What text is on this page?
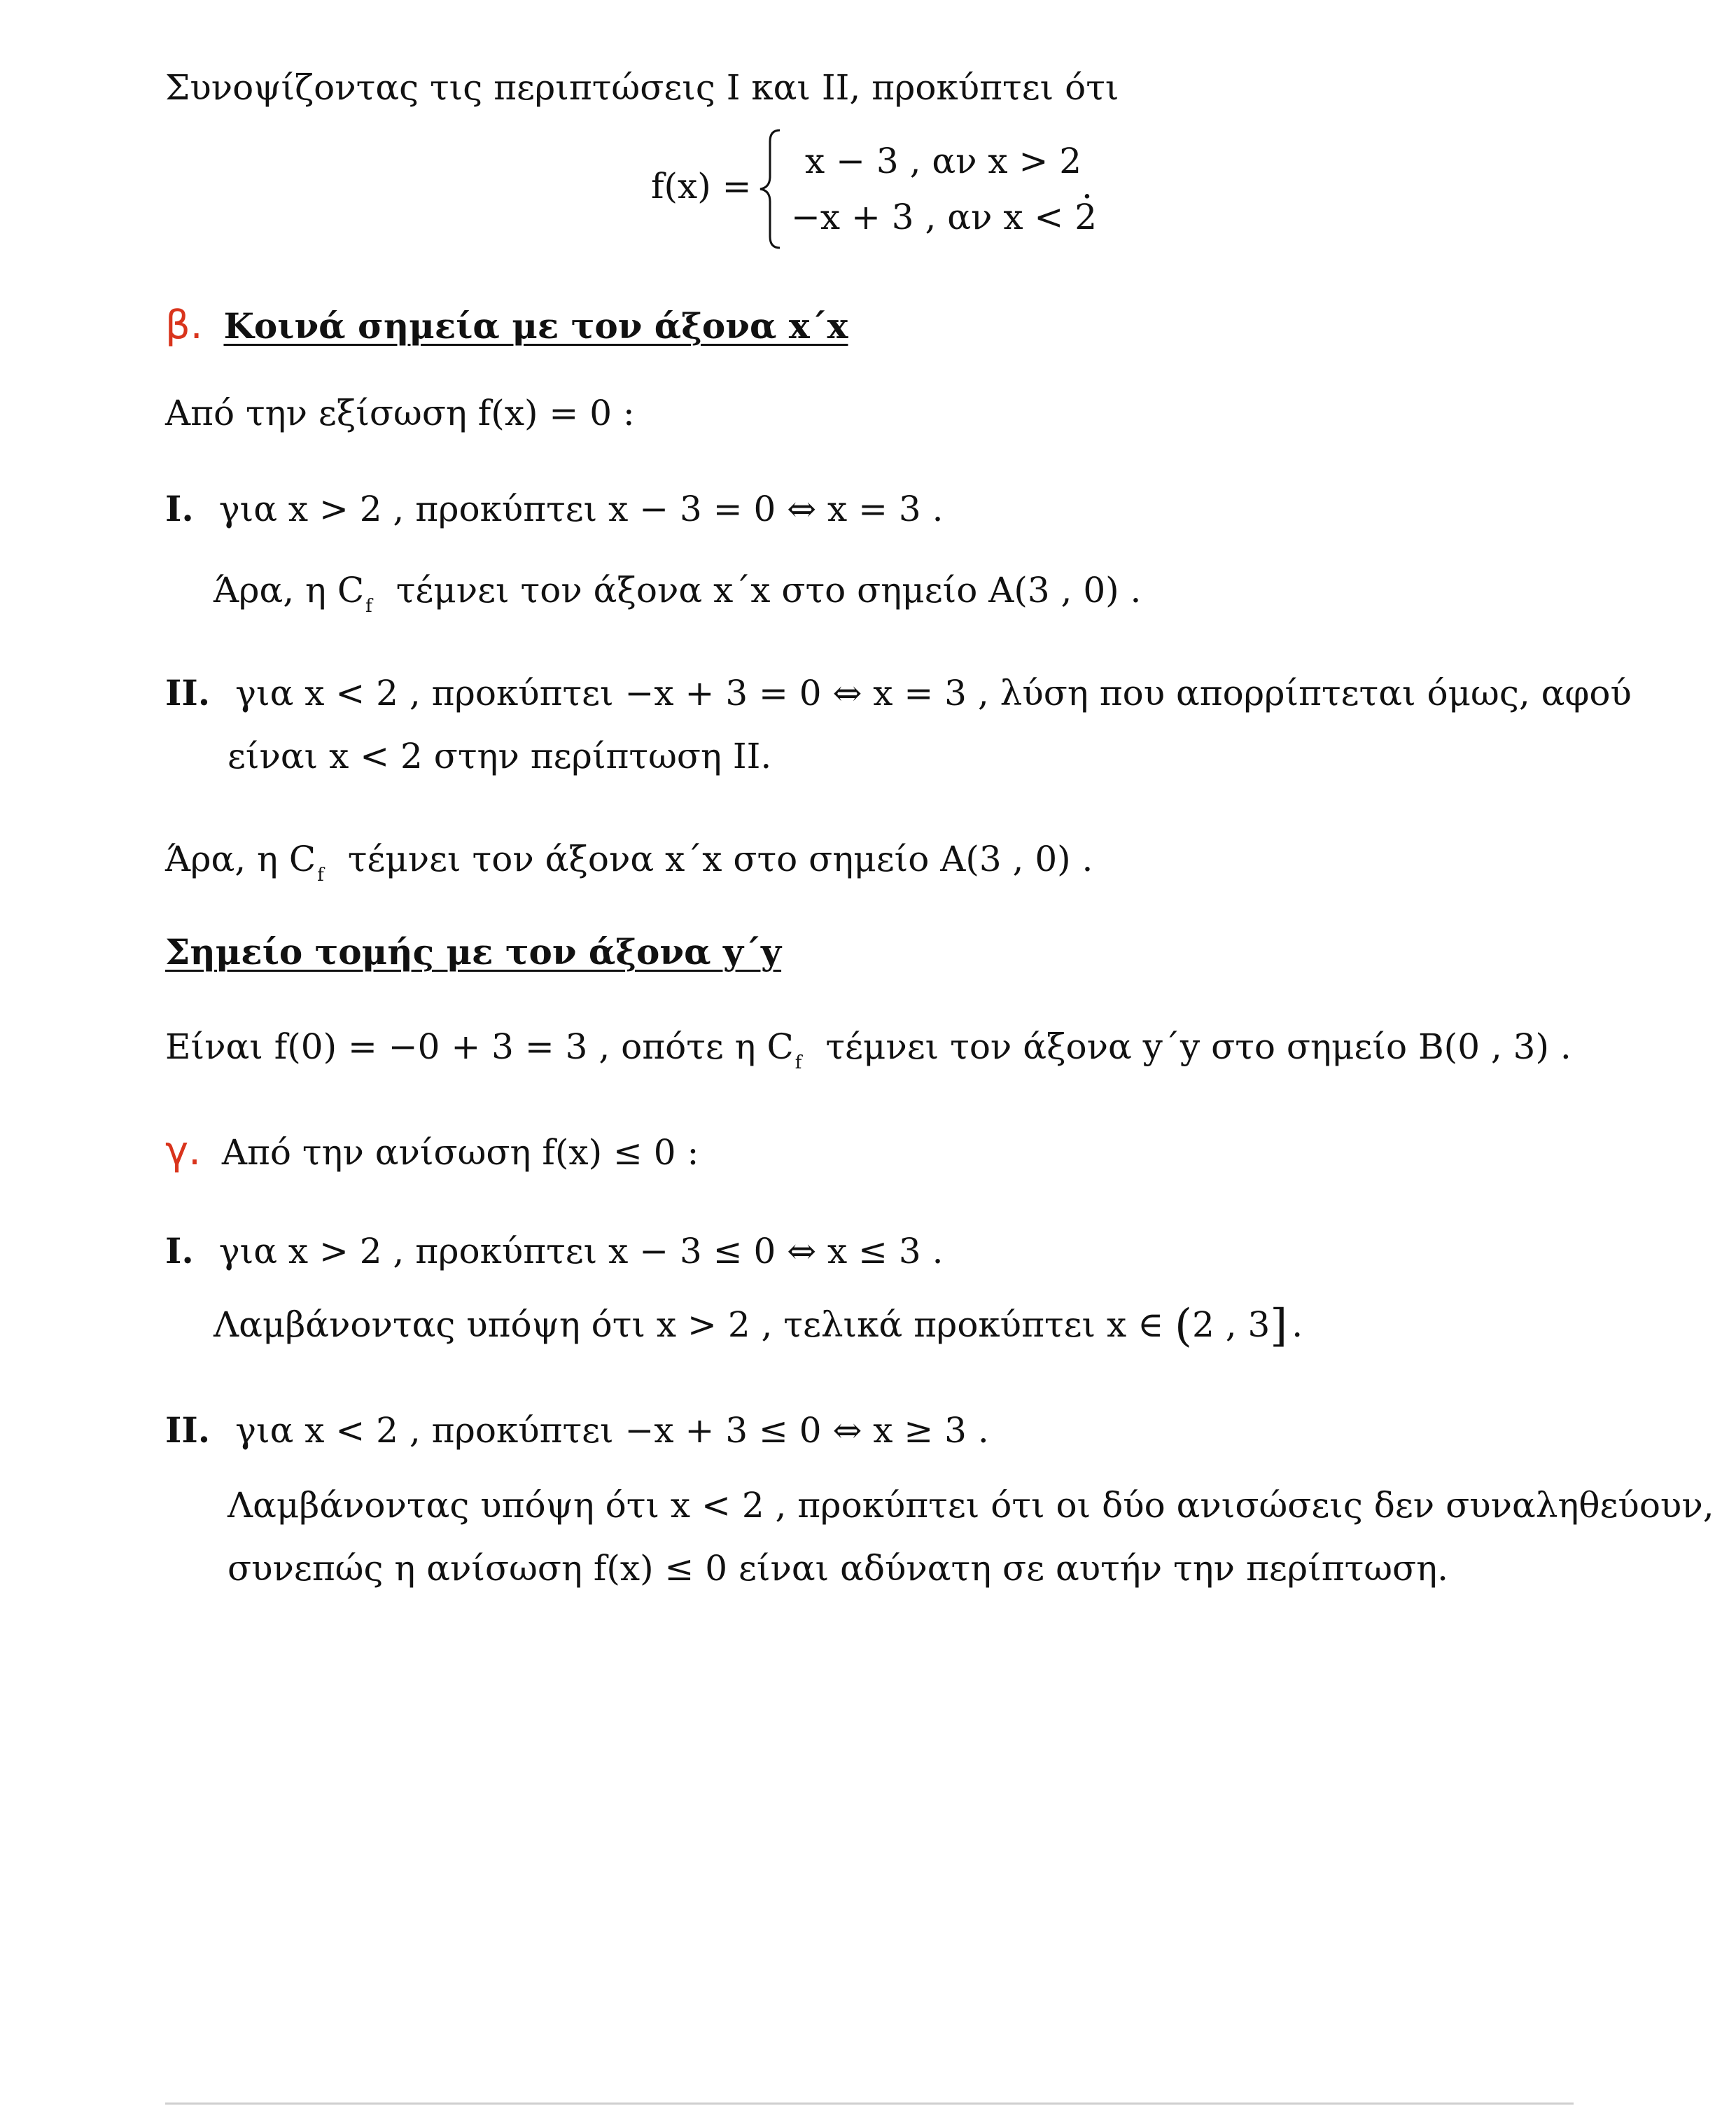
Συνοψίζοντας τις περιπτώσεις Ι και ΙΙ, προκύπτει ότι
f(x) =
x − 3 , αν x > 2
−x + 3 , αν x < 2
.
β. Κοινά σημεία με τον άξονα x΄x
Από την εξίσωση f(x) = 0 :
Ι. για x > 2 , προκύπτει x − 3 = 0 ⇔ x = 3 .
Άρα, η $C_f$ τέμνει τον άξονα x΄x στο σημείο A(3 , 0) .
ΙΙ. για x < 2 , προκύπτει −x + 3 = 0 ⇔ x = 3 , λύση που απορρίπτεται όμως, αφού
είναι x < 2 στην περίπτωση ΙΙ.
Άρα, η $C_f$ τέμνει τον άξονα x΄x στο σημείο A(3 , 0) .
Σημείο τομής με τον άξονα y΄y
Είναι f(0) = −0 + 3 = 3 , οπότε η $C_f$ τέμνει τον άξονα y΄y στο σημείο B(0 , 3) .
γ. Από την ανίσωση f(x) ≤ 0 :
Ι. για x > 2 , προκύπτει x − 3 ≤ 0 ⇔ x ≤ 3 .
Λαμβάνοντας υπόψη ότι x > 2 , τελικά προκύπτει x ∈ (2 , 3] .
ΙΙ. για x < 2 , προκύπτει −x + 3 ≤ 0 ⇔ x ≥ 3 .
Λαμβάνοντας υπόψη ότι x < 2 , προκύπτει ότι οι δύο ανισώσεις δεν συναληθεύουν,
συνεπώς η ανίσωση f(x) ≤ 0 είναι αδύνατη σε αυτήν την περίπτωση.
